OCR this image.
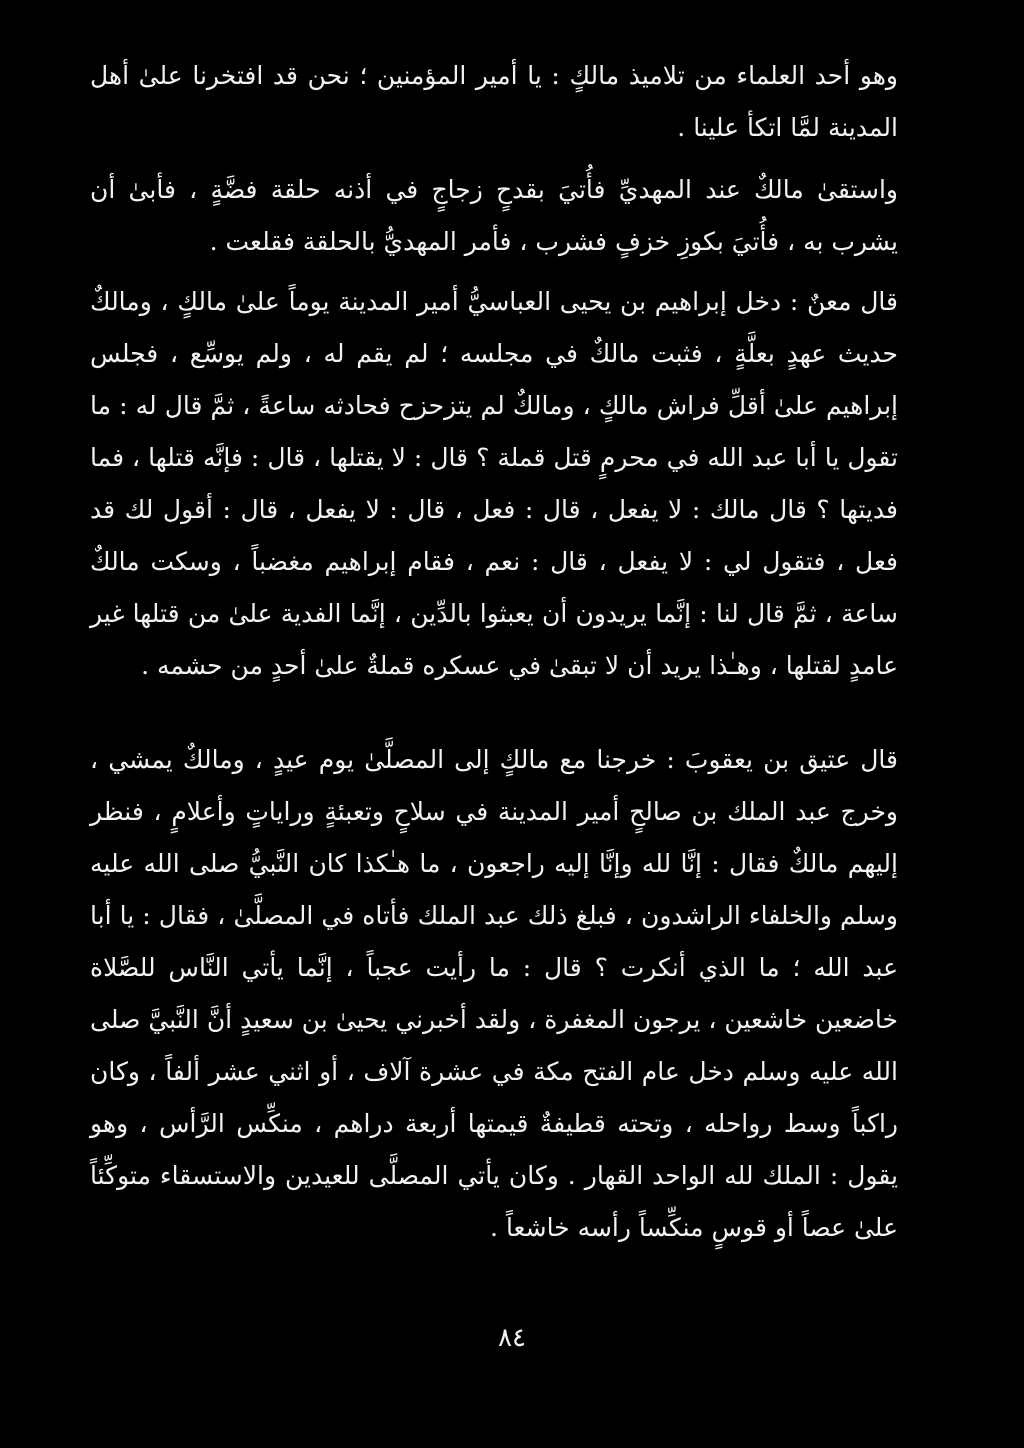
وهو أحد العلماء من تلاميذ مالكٍ : يا أمير المؤمنين ؛ نحن قد افتخرنا علىٰ أهل المدينة لمَّا اتكأ علينا .

واستقىٰ مالكٌ عند المهديِّ فأُتيَ بقدحٍ زجاجٍ في أذنه حلقة فضَّةٍ ، فأبىٰ أن يشرب به ، فأُتيَ بكوزِ خزفٍ فشرب ، فأمر المهديُّ بالحلقة فقلعت .

قال معنٌ : دخل إبراهيم بن يحيى العباسيُّ أمير المدينة يوماً علىٰ مالكٍ ، ومالكٌ حديث عهدٍ بعلَّةٍ ، فثبت مالكٌ في مجلسه ؛ لم يقم له ، ولم يوسِّع ، فجلس إبراهيم علىٰ أقلِّ فراش مالكٍ ، ومالكٌ لم يتزحزح فحادثه ساعةً ، ثمَّ قال له : ما تقول يا أبا عبد الله في محرمٍ قتل قملة ؟ قال : لا يقتلها ، قال : فإنَّه قتلها ، فما فديتها ؟ قال مالك : لا يفعل ، قال : فعل ، قال : لا يفعل ، قال : أقول لك قد فعل ، فتقول لي : لا يفعل ، قال : نعم ، فقام إبراهيم مغضباً ، وسكت مالكٌ ساعة ، ثمَّ قال لنا : إنَّما يريدون أن يعبثوا بالدِّين ، إنَّما الفدية علىٰ من قتلها غير عامدٍ لقتلها ، وهـٰذا يريد أن لا تبقىٰ في عسكره قملةٌ علىٰ أحدٍ من حشمه .

قال عتيق بن يعقوبَ : خرجنا مع مالكٍ إلى المصلَّىٰ يوم عيدٍ ، ومالكٌ يمشي ، وخرج عبد الملك بن صالحٍ أمير المدينة في سلاحٍ وتعبئةٍ وراياتٍ وأعلامٍ ، فنظر إليهم مالكٌ فقال : إنَّا لله وإنَّا إليه راجعون ، ما هـٰكذا كان النَّبيُّ صلى الله عليه وسلم والخلفاء الراشدون ، فبلغ ذلك عبد الملك فأتاه في المصلَّىٰ ، فقال : يا أبا عبد الله ؛ ما الذي أنكرت ؟ قال : ما رأيت عجباً ، إنَّما يأتي النَّاس للصَّلاة خاضعين خاشعين ، يرجون المغفرة ، ولقد أخبرني يحيىٰ بن سعيدٍ أنَّ النَّبيَّ صلى الله عليه وسلم دخل عام الفتح مكة في عشرة آلاف ، أو اثني عشر ألفاً ، وكان راكباً وسط رواحله ، وتحته قطيفةٌ قيمتها أربعة دراهم ، منكِّس الرَّأس ، وهو يقول : الملك لله الواحد القهار . وكان يأتي المصلَّى للعيدين والاستسقاء متوكِّئاً علىٰ عصاً أو قوسٍ منكِّساً رأسه خاشعاً .

٨٤
